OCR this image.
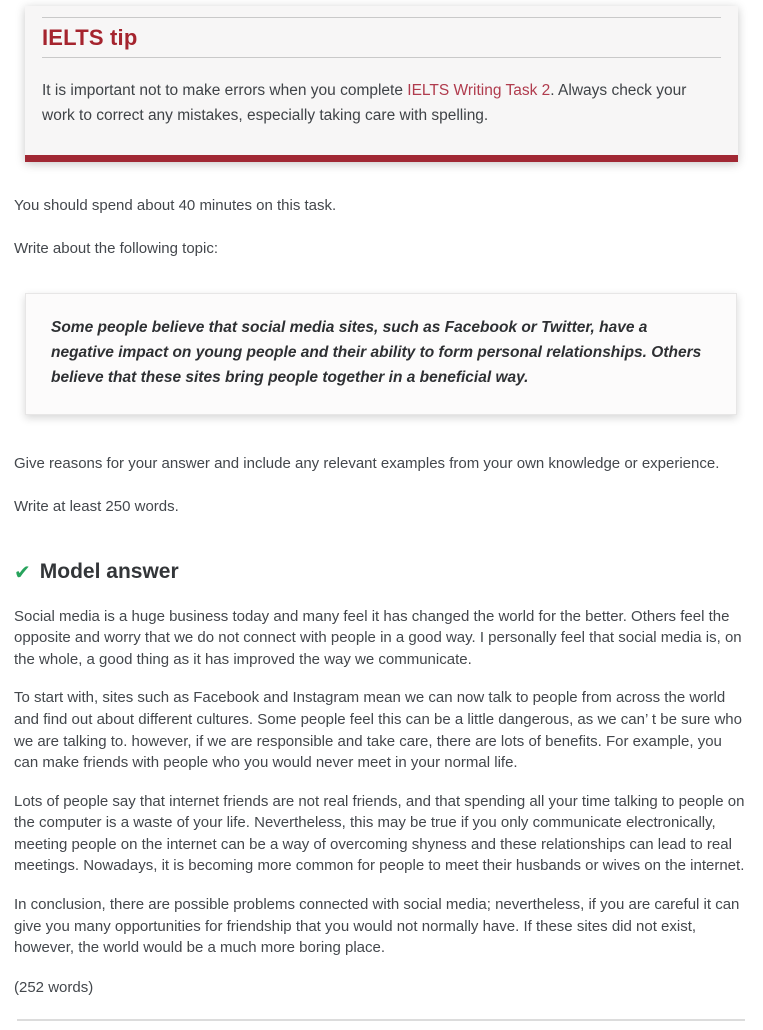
IELTS tip

It is important not to make errors when you complete IELTS Writing Task 2. Always check your work to correct any mistakes, especially taking care with spelling.

You should spend about 40 minutes on this task.

Write about the following topic:

Some people believe that social media sites, such as Facebook or Twitter, have a negative impact on young people and their ability to form personal relationships. Others believe that these sites bring people together in a beneficial way.

Give reasons for your answer and include any relevant examples from your own knowledge or experience.

Write at least 250 words.

✔ Model answer

Social media is a huge business today and many feel it has changed the world for the better. Others feel the opposite and worry that we do not connect with people in a good way. I personally feel that social media is, on the whole, a good thing as it has improved the way we communicate.

To start with, sites such as Facebook and Instagram mean we can now talk to people from across the world and find out about different cultures. Some people feel this can be a little dangerous, as we can’ t be sure who we are talking to. however, if we are responsible and take care, there are lots of benefits. For example, you can make friends with people who you would never meet in your normal life.

Lots of people say that internet friends are not real friends, and that spending all your time talking to people on the computer is a waste of your life. Nevertheless, this may be true if you only communicate electronically, meeting people on the internet can be a way of overcoming shyness and these relationships can lead to real meetings. Nowadays, it is becoming more common for people to meet their husbands or wives on the internet.

In conclusion, there are possible problems connected with social media; nevertheless, if you are careful it can give you many opportunities for friendship that you would not normally have. If these sites did not exist, however, the world would be a much more boring place.

(252 words)
